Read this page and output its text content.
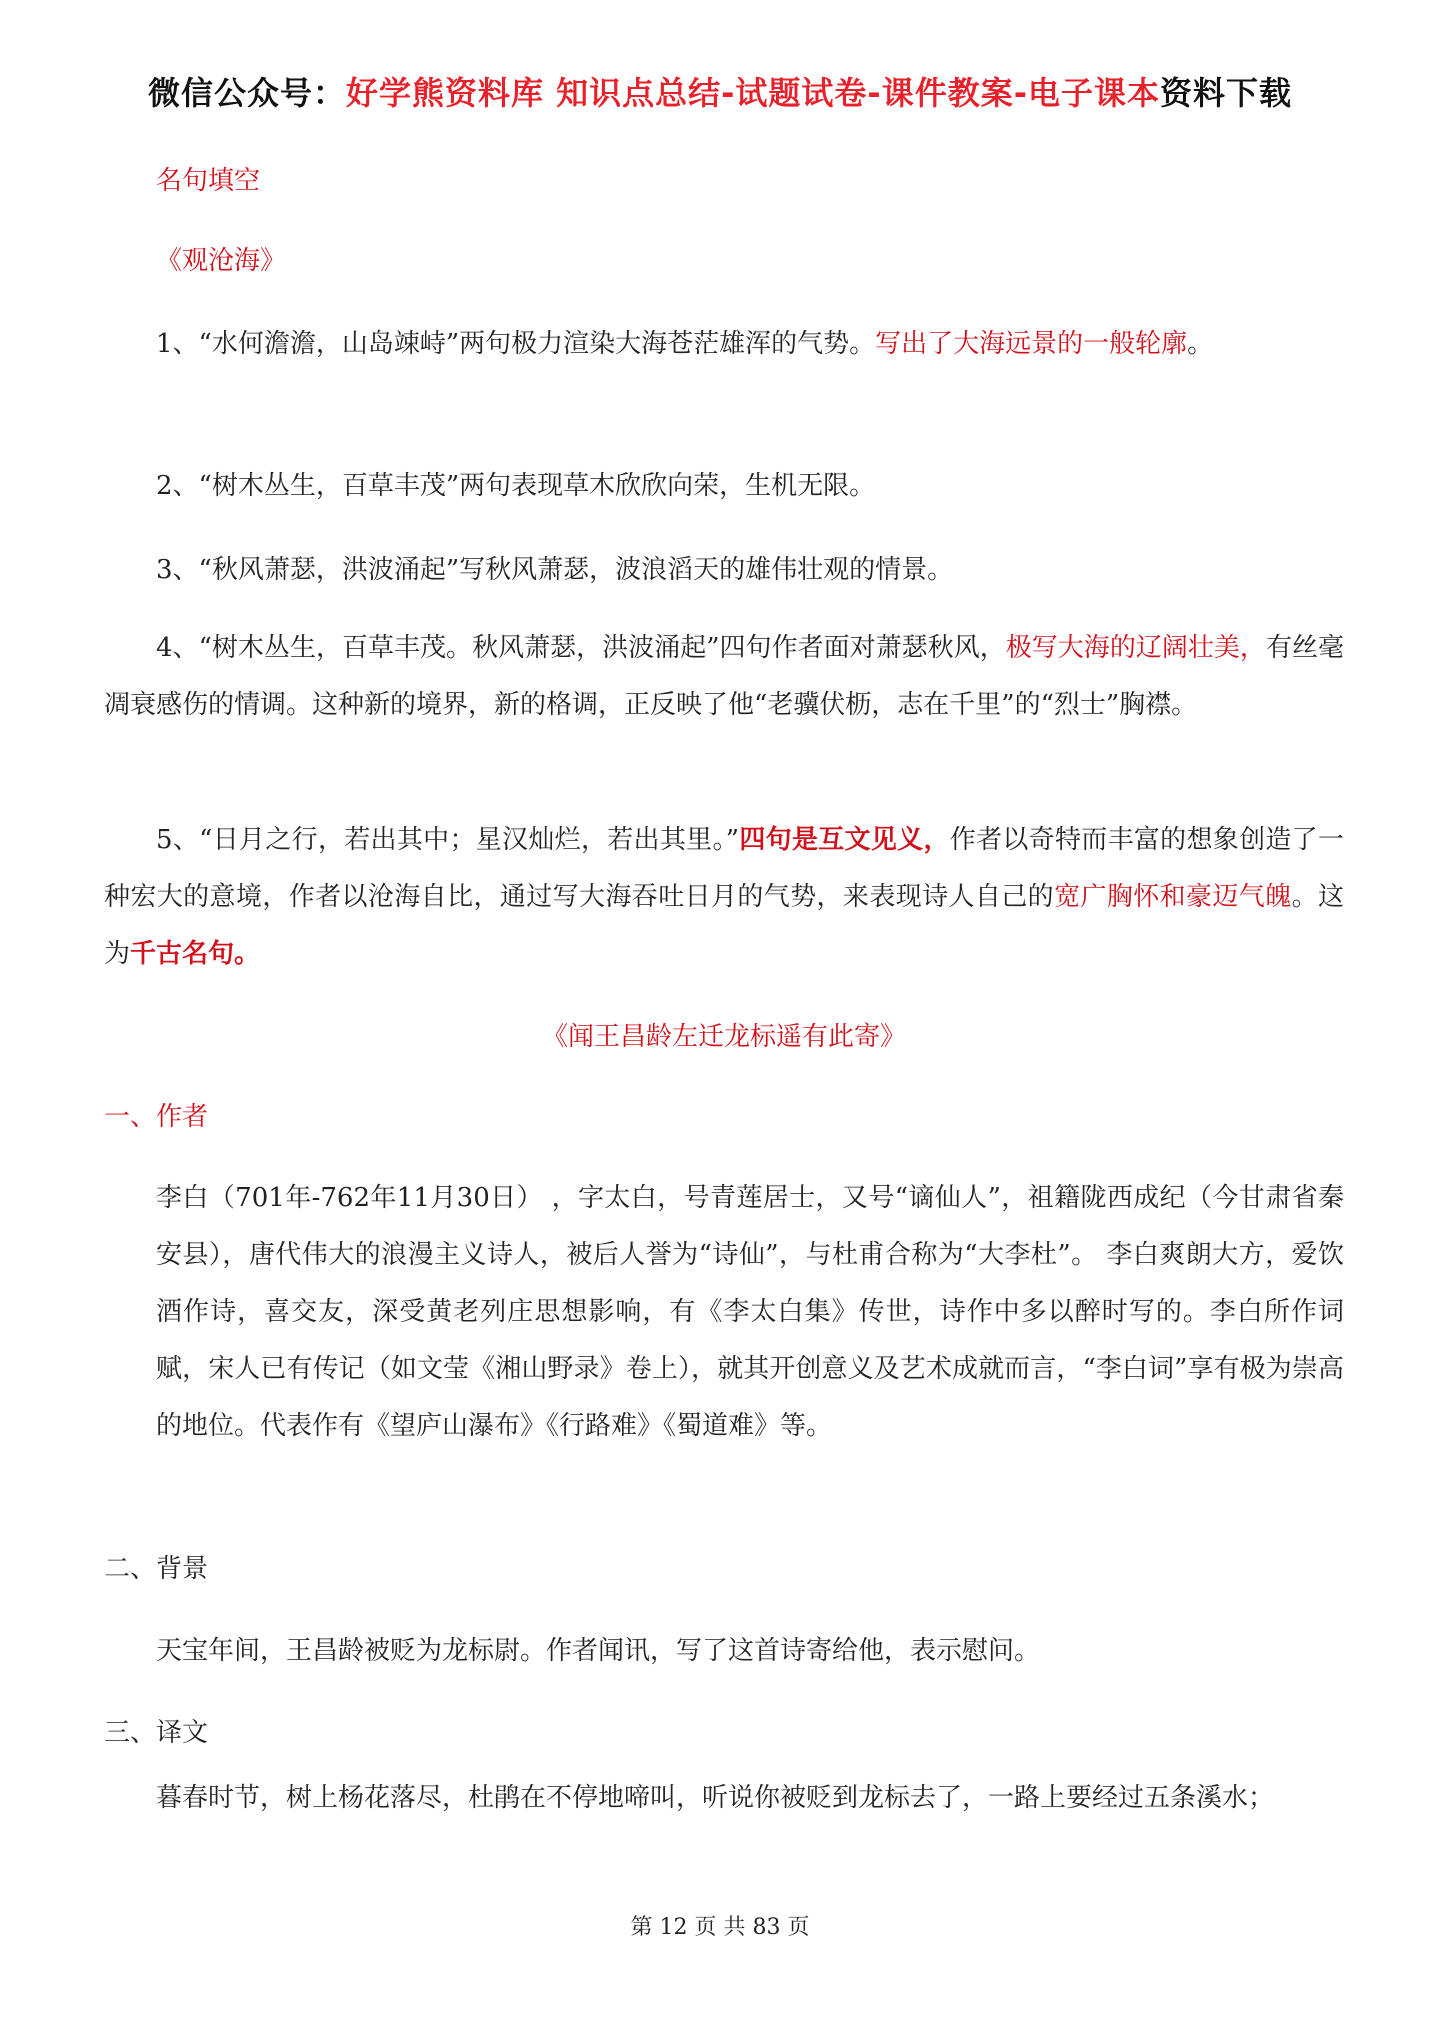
微信公众号：好学熊资料库 知识点总结-试题试卷-课件教案-电子课本资料下载
名句填空
《观沧海》
1、“水何澹澹，山岛竦峙”两句极力渲染大海苍茫雄浑的气势。写出了大海远景的一般轮廓。
2、“树木丛生，百草丰茂”两句表现草木欣欣向荣，生机无限。
3、“秋风萧瑟，洪波涌起”写秋风萧瑟，波浪滔天的雄伟壮观的情景。
4、“树木丛生，百草丰茂。秋风萧瑟，洪波涌起”四句作者面对萧瑟秋风，极写大海的辽阔壮美，有丝毫凋衰感伤的情调。这种新的境界，新的格调，正反映了他“老骥伏枥，志在千里”的“烈士”胸襟。
5、“日月之行，若出其中；星汉灿烂，若出其里。”四句是互文见义，作者以奇特而丰富的想象创造了一种宏大的意境，作者以沧海自比，通过写大海吞吐日月的气势，来表现诗人自己的宽广胸怀和豪迈气魄。这为千古名句。
《闻王昌龄左迁龙标遥有此寄》
一、作者
李白（701年-762年11月30日） ，字太白，号青莲居士，又号“谪仙人”，祖籍陇西成纪（今甘肃省秦安县），唐代伟大的浪漫主义诗人，被后人誉为“诗仙”，与杜甫合称为“大李杜”。 李白爽朗大方，爱饮酒作诗，喜交友，深受黄老列庄思想影响，有《李太白集》传世，诗作中多以醉时写的。李白所作词赋，宋人已有传记（如文莹《湘山野录》卷上），就其开创意义及艺术成就而言，“李白词”享有极为崇高的地位。代表作有《望庐山瀑布》《行路难》《蜀道难》等。
二、背景
天宝年间，王昌龄被贬为龙标尉。作者闻讯，写了这首诗寄给他，表示慰问。
三、译文
暮春时节，树上杨花落尽，杜鹃在不停地啼叫，听说你被贬到龙标去了，一路上要经过五条溪水；
第 12 页 共 83 页
